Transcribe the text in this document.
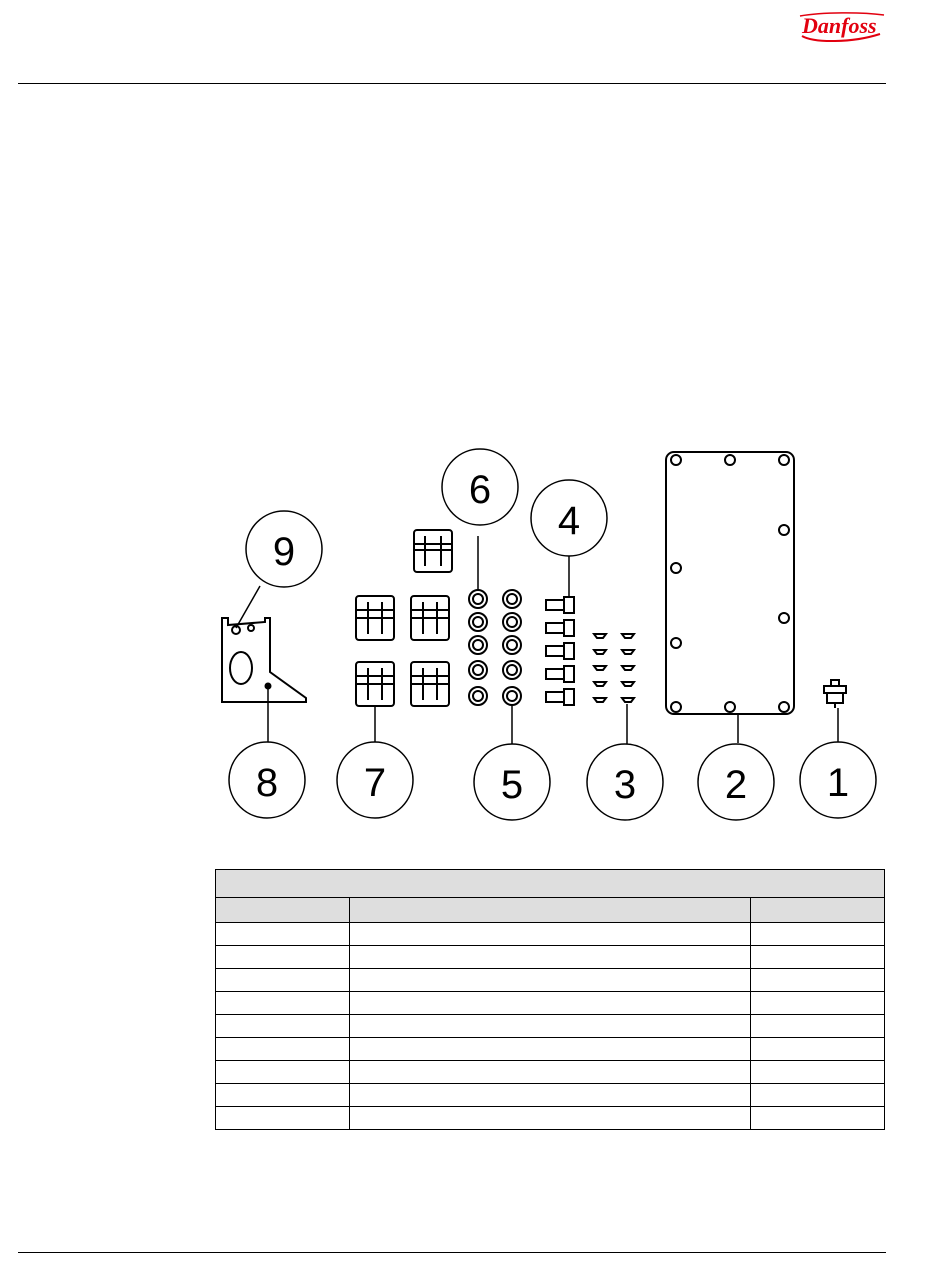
Danfoss
1
2
3
4
5
6
7
8
9
